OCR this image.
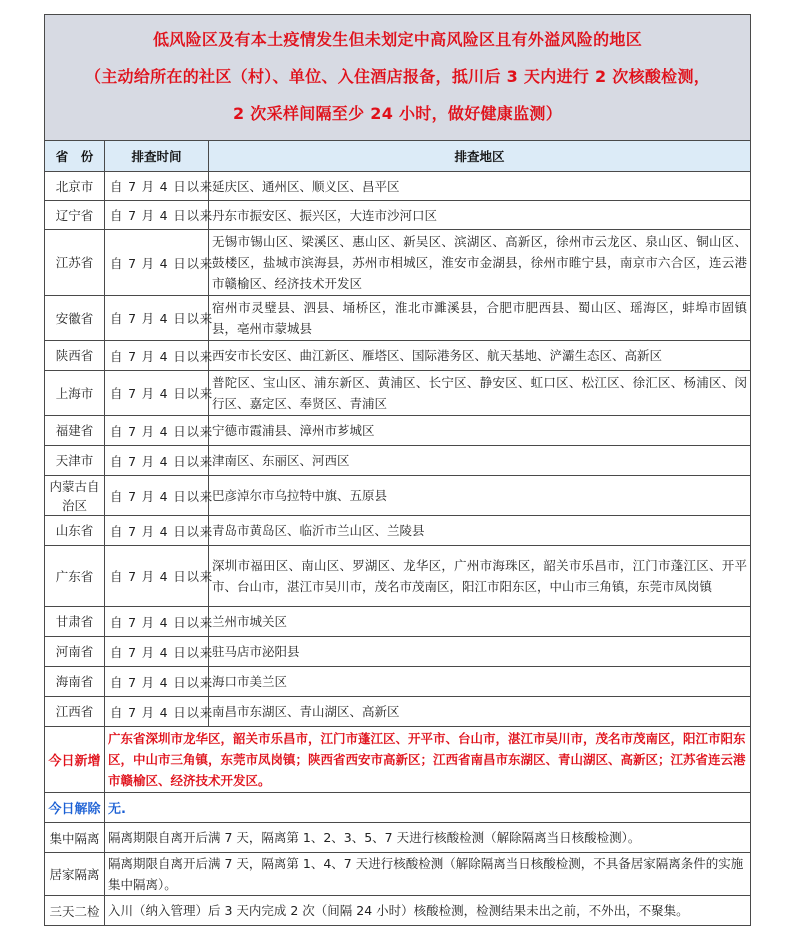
低风险区及有本土疫情发生但未划定中高风险区且有外溢风险的地区
（主动给所在的社区（村）、单位、入住酒店报备，抵川后 3 天内进行 2 次核酸检测，
2 次采样间隔至少 24 小时，做好健康监测）		

省　份	排查时间	排查地区
北京市	自 7 月 4 日以来	延庆区、通州区、顺义区、昌平区
辽宁省	自 7 月 4 日以来	丹东市振安区、振兴区，大连市沙河口区
江苏省	自 7 月 4 日以来	无锡市锡山区、梁溪区、惠山区、新吴区、滨湖区、高新区，徐州市云龙区、泉山区、铜山区、鼓楼区，盐城市滨海县，苏州市相城区，淮安市金湖县，徐州市睢宁县，南京市六合区，连云港市赣榆区、经济技术开发区
安徽省	自 7 月 4 日以来	宿州市灵璧县、泗县、埇桥区，淮北市濉溪县，合肥市肥西县、蜀山区、瑶海区，蚌埠市固镇县，亳州市蒙城县
陕西省	自 7 月 4 日以来	西安市长安区、曲江新区、雁塔区、国际港务区、航天基地、浐灞生态区、高新区
上海市	自 7 月 4 日以来	普陀区、宝山区、浦东新区、黄浦区、长宁区、静安区、虹口区、松江区、徐汇区、杨浦区、闵行区、嘉定区、奉贤区、青浦区
福建省	自 7 月 4 日以来	宁德市霞浦县、漳州市芗城区
天津市	自 7 月 4 日以来	津南区、东丽区、河西区
内蒙古自治区	自 7 月 4 日以来	巴彦淖尔市乌拉特中旗、五原县
山东省	自 7 月 4 日以来	青岛市黄岛区、临沂市兰山区、兰陵县
广东省	自 7 月 4 日以来	深圳市福田区、南山区、罗湖区、龙华区，广州市海珠区，韶关市乐昌市，江门市蓬江区、开平市、台山市，湛江市吴川市，茂名市茂南区，阳江市阳东区，中山市三角镇，东莞市凤岗镇
甘肃省	自 7 月 4 日以来	兰州市城关区
河南省	自 7 月 4 日以来	驻马店市泌阳县
海南省	自 7 月 4 日以来	海口市美兰区
江西省	自 7 月 4 日以来	南昌市东湖区、青山湖区、高新区
今日新增	广东省深圳市龙华区，韶关市乐昌市，江门市蓬江区、开平市、台山市，湛江市吴川市，茂名市茂南区，阳江市阳东区，中山市三角镇，东莞市凤岗镇；陕西省西安市高新区；江西省南昌市东湖区、青山湖区、高新区；江苏省连云港市赣榆区、经济技术开发区。	
今日解除	无.	
集中隔离	隔离期限自离开后满 7 天，隔离第 1、2、3、5、7 天进行核酸检测（解除隔离当日核酸检测）。	
居家隔离	隔离期限自离开后满 7 天，隔离第 1、4、7 天进行核酸检测（解除隔离当日核酸检测，不具备居家隔离条件的实施集中隔离）。	
三天二检	入川（纳入管理）后 3 天内完成 2 次（间隔 24 小时）核酸检测，检测结果未出之前，不外出，不聚集。	
